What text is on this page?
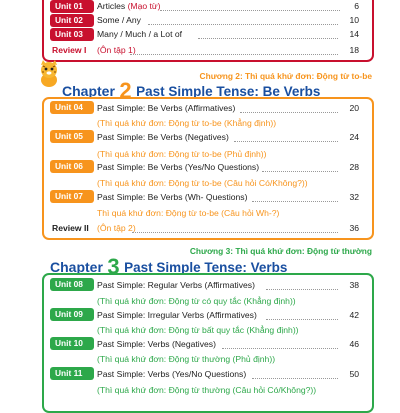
Unit 01	Articles (Mạo từ)	6
Unit 02	Some / Any	10
Unit 03	Many / Much / a Lot of	14
Review I (Ôn tập 1)	18
Chương 2: Thì quá khứ đơn: Động từ to-be
Chapter 2 Past Simple Tense: Be Verbs
Unit 04	Past Simple: Be Verbs (Affirmatives)	20
(Thì quá khứ đơn: Động từ to-be (Khẳng định))
Unit 05	Past Simple: Be Verbs (Negatives)	24
(Thì quá khứ đơn: Động từ to-be (Phủ định))
Unit 06	Past Simple: Be Verbs (Yes/No Questions)	28
(Thì quá khứ đơn: Động từ to-be (Câu hỏi Có/Không?))
Unit 07	Past Simple: Be Verbs (Wh- Questions)	32
Thì quá khứ đơn: Động từ to-be (Câu hỏi Wh-?)
Review II (Ôn tập 2)	36
Chương 3: Thì quá khứ đơn: Động từ thường
Chapter 3 Past Simple Tense: Verbs
Unit 08	Past Simple: Regular Verbs (Affirmatives)	38
(Thì quá khứ đơn: Động từ có quy tắc (Khẳng định))
Unit 09	Past Simple: Irregular Verbs (Affirmatives)	42
(Thì quá khứ đơn: Động từ bất quy tắc (Khẳng định))
Unit 10	Past Simple: Verbs (Negatives)	46
(Thì quá khứ đơn: Động từ thường (Phủ định))
Unit 11	Past Simple: Verbs (Yes/No Questions)	50
(Thì quá khứ đơn: Động từ thường (Câu hỏi Có/Không?))
